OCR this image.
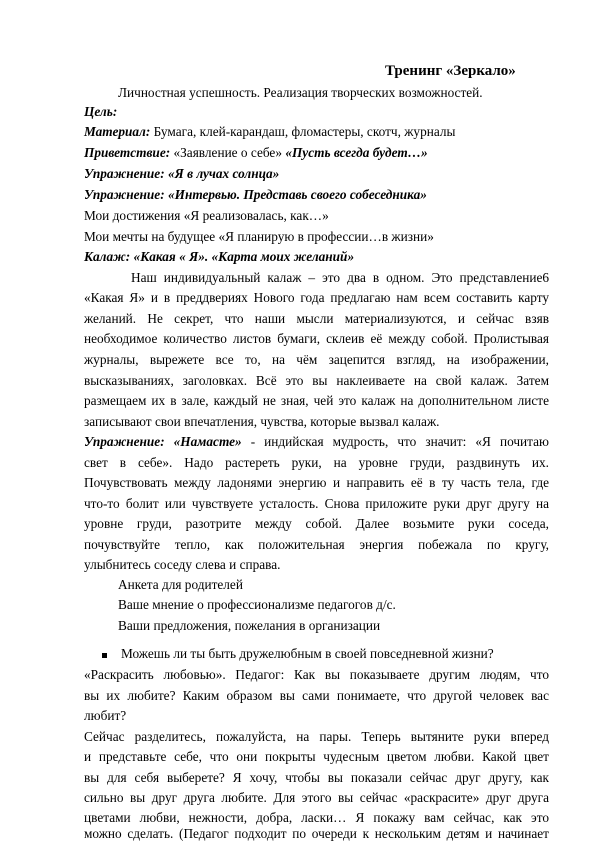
Тренинг «Зеркало»
Личностная успешность. Реализация творческих возможностей.
Цель:
Материал: Бумага, клей-карандаш, фломастеры, скотч, журналы
Приветствие: «Заявление о себе» «Пусть всегда будет…»
Упражнение: «Я в лучах солнца»
Упражнение: «Интервью. Представь своего собеседника»
Мои достижения «Я реализовалась, как…»
Мои мечты на будущее «Я планирую в профессии…в жизни»
Калаж: «Какая « Я». «Карта моих желаний»
Наш индивидуальный калаж – это два в одном. Это представление6
«Какая Я» и в преддвериях Нового года предлагаю нам всем составить карту
желаний. Не секрет, что наши мысли материализуются, и сейчас взяв
необходимое количество листов бумаги, склеив её между собой. Пролистывая
журналы, вырежете все то, на чём зацепится взгляд, на изображении,
высказываниях, заголовках. Всё это вы наклеиваете на свой калаж. Затем
размещаем их в зале, каждый не зная, чей это калаж на дополнительном листе
записывают свои впечатления, чувства, которые вызвал калаж.
Упражнение: «Намасте» - индийская мудрость, что значит: «Я почитаю
свет в себе». Надо растереть руки, на уровне груди, раздвинуть их.
Почувствовать между ладонями энергию и направить её в ту часть тела, где
что-то болит или чувствуете усталость. Снова приложите руки друг другу на
уровне груди, разотрите между собой. Далее возьмите руки соседа,
почувствуйте тепло, как положительная энергия побежала по кругу,
улыбнитесь соседу слева и справа.
Анкета для родителей
Ваше мнение о профессионализме педагогов д/с.
Ваши предложения, пожелания в организации
Можешь ли ты быть дружелюбным в своей повседневной жизни?
«Раскрасить любовью». Педагог: Как вы показываете другим людям, что
вы их любите? Каким образом вы сами понимаете, что другой человек вас
любит?
Сейчас разделитесь, пожалуйста, на пары. Теперь вытяните руки вперед
и представьте себе, что они покрыты чудесным цветом любви. Какой цвет
вы для себя выберете? Я хочу, чтобы вы показали сейчас друг другу, как
сильно вы друг друга любите. Для этого вы сейчас «раскрасите» друг друга
цветами любви, нежности, добра, ласки… Я покажу вам сейчас, как это
можно сделать. (Педагог подходит по очереди к нескольким детям и начинает
